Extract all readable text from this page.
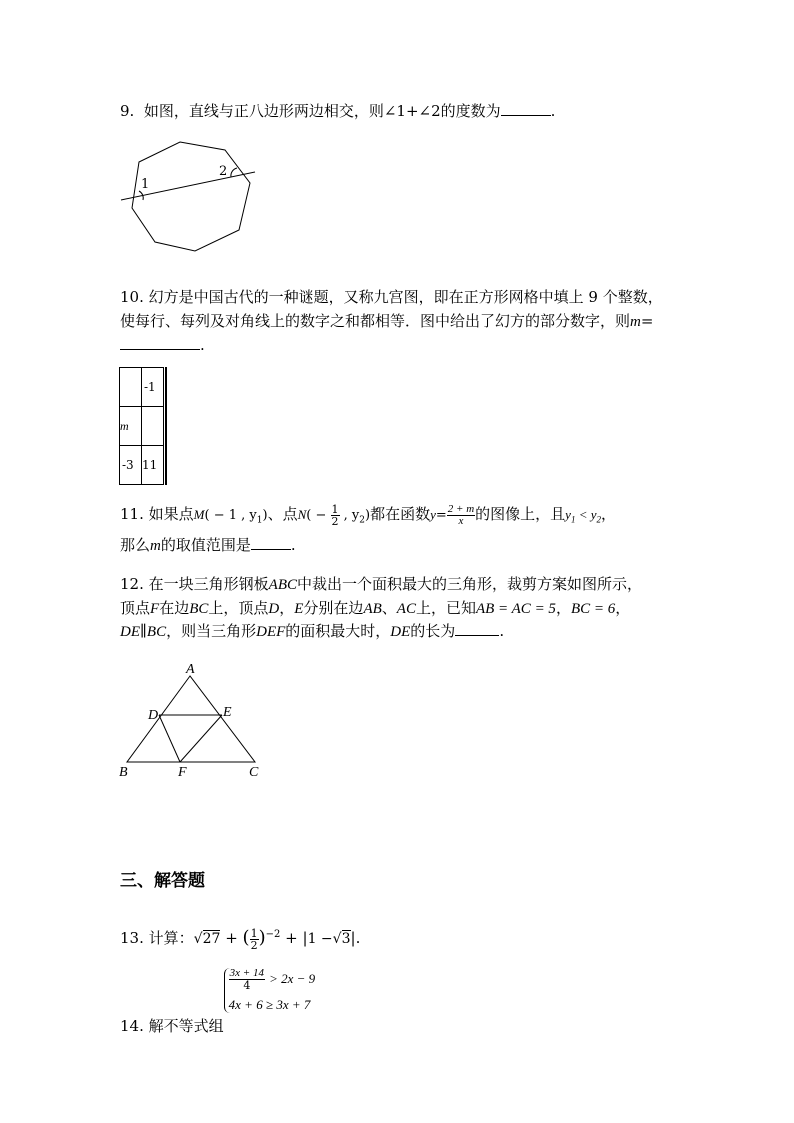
9. 如图，直线与正八边形两边相交，则∠1+∠2的度数为	.
1
2
10. 幻方是中国古代的一种谜题，又称九宫图，即在正方形网格中填上 9 个整数，
使每行、每列及对角线上的数字之和都相等．图中给出了幻方的部分数字，则m=
.
	-1
m	
-3	11
11. 如果点M( − 1 , $y_1$)、点$N( - \frac{1}{2}$ , $y_2$)都在函数$y= \frac{2 + m}{x}$ 的图像上，且$y_1 < y_2$，
那么m的取值范围是	.
12. 在一块三角形钢板ABC中裁出一个面积最大的三角形，裁剪方案如图所示，
顶点F在边BC上，顶点D，E分别在边AB、AC上，已知AB = AC = 5，BC = 6，
DE∥BC，则当三角形DEF的面积最大时，DE的长为	.
A
D	E
B	F	C
三、解答题
13. 计算：√27 + ( $\frac{1}{2} )^{-2} + |1 -√3|$.
14. 解不等式组
$\frac{3x + 14}{4} > 2x - 9$
4x + 6 ≥ 3x + 7
